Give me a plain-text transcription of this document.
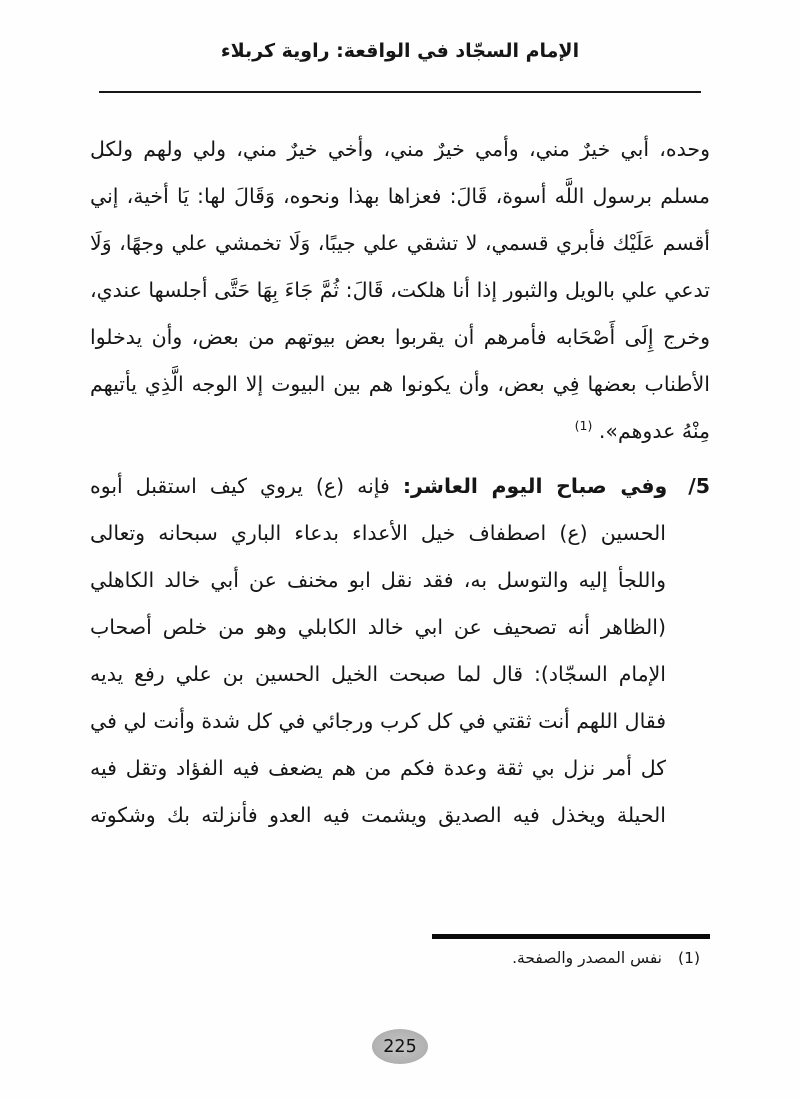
الإمام السجّاد في الواقعة: راوية كربلاء

وحده، أبي خيرٌ مني، وأمي خيرٌ مني، وأخي خيرٌ مني، ولي ولهم ولكل مسلم برسول اللَّه أسوة، قَالَ: فعزاها بهذا ونحوه، وَقَالَ لها: يَا أخية، إني أقسم عَلَيْك فأبري قسمي، لا تشقي علي جيبًا، وَلَا تخمشي علي وجهًا، وَلَا تدعي علي بالويل والثبور إذا أنا هلكت، قَالَ: ثُمَّ جَاءَ بِهَا حَتَّى أجلسها عندي، وخرج إِلَى أَصْحَابه فأمرهم أن يقربوا بعض بيوتهم من بعض، وأن يدخلوا الأطناب بعضها فِي بعض، وأن يكونوا هم بين البيوت إلا الوجه الَّذِي يأتيهم مِنْهُ عدوهم». $^{(1)}$

5/ وفي صباح اليوم العاشر: فإنه (ع) يروي كيف استقبل أبوه الحسين (ع) اصطفاف خيل الأعداء بدعاء الباري سبحانه وتعالى واللجأ إليه والتوسل به، فقد نقل ابو مخنف عن أبي خالد الكاهلي (الظاهر أنه تصحيف عن ابي خالد الكابلي وهو من خلص أصحاب الإمام السجّاد): قال لما صبحت الخيل الحسين بن علي رفع يديه فقال اللهم أنت ثقتي في كل كرب ورجائي في كل شدة وأنت لي في كل أمر نزل بي ثقة وعدة فكم من هم يضعف فيه الفؤاد وتقل فيه الحيلة ويخذل فيه الصديق ويشمت فيه العدو فأنزلته بك وشكوته

(1)نفس المصدر والصفحة.
225
